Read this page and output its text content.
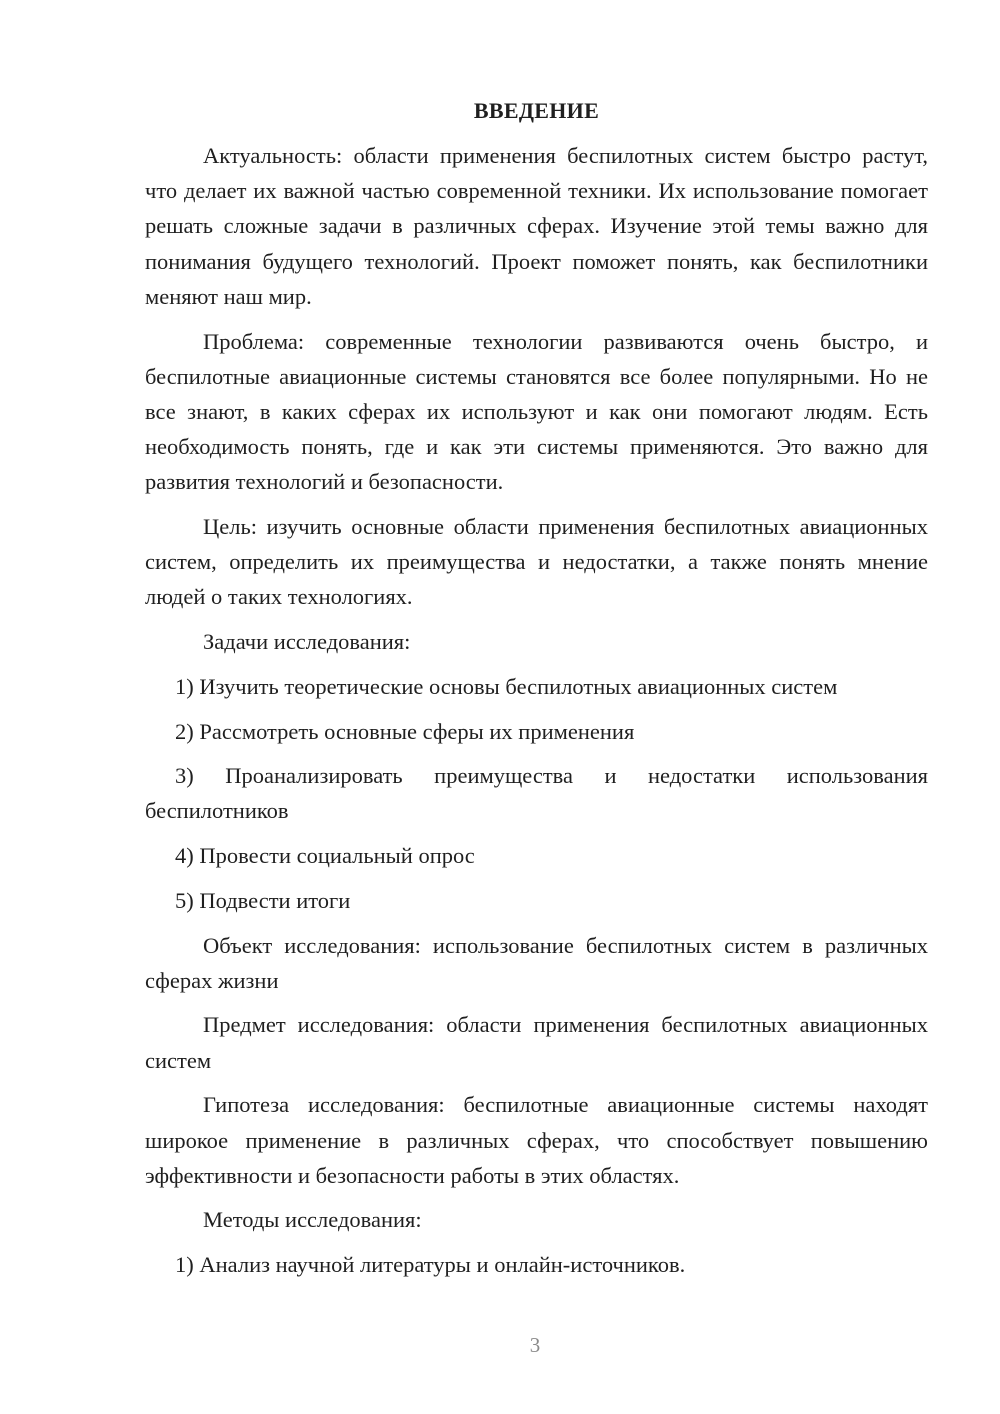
ВВЕДЕНИЕ

Актуальность: области применения беспилотных систем быстро растут, что делает их важной частью современной техники. Их использование помогает решать сложные задачи в различных сферах. Изучение этой темы важно для понимания будущего технологий. Проект поможет понять, как беспилотники меняют наш мир.

Проблема: современные технологии развиваются очень быстро, и беспилотные авиационные системы становятся все более популярными. Но не все знают, в каких сферах их используют и как они помогают людям. Есть необходимость понять, где и как эти системы применяются. Это важно для развития технологий и безопасности.

Цель: изучить основные области применения беспилотных авиационных систем, определить их преимущества и недостатки, а также понять мнение людей о таких технологиях.

Задачи исследования:

1) Изучить теоретические основы беспилотных авиационных систем

2) Рассмотреть основные сферы их применения

3) Проанализировать преимущества и недостатки использования беспилотников

4) Провести социальный опрос

5) Подвести итоги

Объект исследования: использование беспилотных систем в различных сферах жизни

Предмет исследования: области применения беспилотных авиационных систем

Гипотеза исследования: беспилотные авиационные системы находят широкое применение в различных сферах, что способствует повышению эффективности и безопасности работы в этих областях.

Методы исследования:

1) Анализ научной литературы и онлайн-источников.

3
